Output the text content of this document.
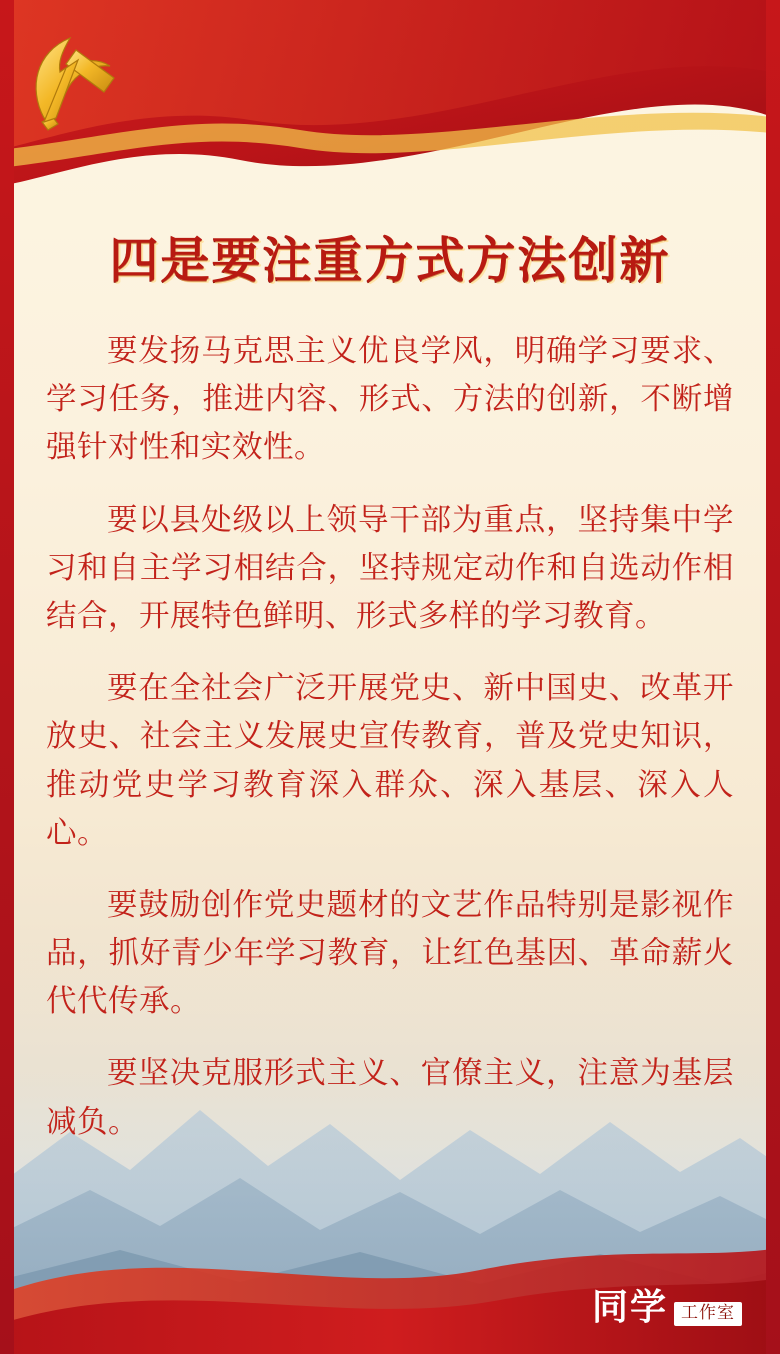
四是要注重方式方法创新

要发扬马克思主义优良学风，明确学习要求、学习任务，推进内容、形式、方法的创新，不断增强针对性和实效性。

要以县处级以上领导干部为重点，坚持集中学习和自主学习相结合，坚持规定动作和自选动作相结合，开展特色鲜明、形式多样的学习教育。

要在全社会广泛开展党史、新中国史、改革开放史、社会主义发展史宣传教育，普及党史知识，推动党史学习教育深入群众、深入基层、深入人心。

要鼓励创作党史题材的文艺作品特别是影视作品，抓好青少年学习教育，让红色基因、革命薪火代代传承。

要坚决克服形式主义、官僚主义，注意为基层减负。

同学 工作室
